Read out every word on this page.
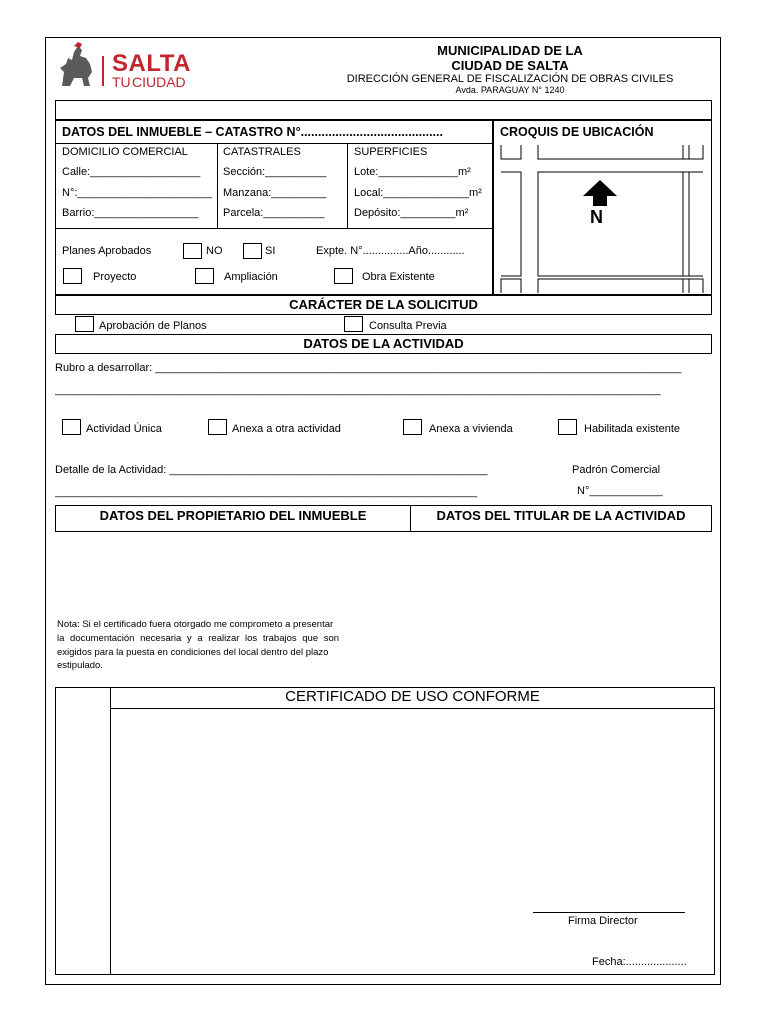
SALTA
TU CIUDAD
MUNICIPALIDAD DE LA
CIUDAD DE SALTA
DIRECCIÓN GENERAL DE FISCALIZACIÓN DE OBRAS CIVILES
Avda. PARAGUAY N° 1240
DATOS DEL INMUEBLE – CATASTRO N°.........................................
DOMICILIO COMERCIAL	CATASTRALES	SUPERFICIES
Calle:__________________
N°:______________________
Barrio:_________________
Sección:__________
Manzana:_________
Parcela:__________
Lote:_____________m²
Local:______________m²
Depósito:_________m²
Planes Aprobados	NO	SI	Expte. N°...............Año............
Proyecto	Ampliación	Obra Existente
CROQUIS DE UBICACIÓN
N
CARÁCTER DE LA SOLICITUD
Aprobación de Planos	Consulta Previa
DATOS DE LA ACTIVIDAD
Rubro a desarrollar: ______________________________________________________________________________________
___________________________________________________________________________________________________
Actividad Única	Anexa a otra actividad	Anexa a vivienda	Habilitada existente
Detalle de la Actividad: ____________________________________________________
_____________________________________________________________________
Padrón Comercial
N°____________
DATOS DEL PROPIETARIO DEL INMUEBLE	DATOS DEL TITULAR DE LA ACTIVIDAD
Nota: Si el certificado fuera otorgado me comprometo a presentar
la documentación necesaria y a realizar los trabajos que son
exigidos para la puesta en condiciones del local dentro del plazo
estipulado.
CERTIFICADO DE USO CONFORME
Firma Director
Fecha:....................
